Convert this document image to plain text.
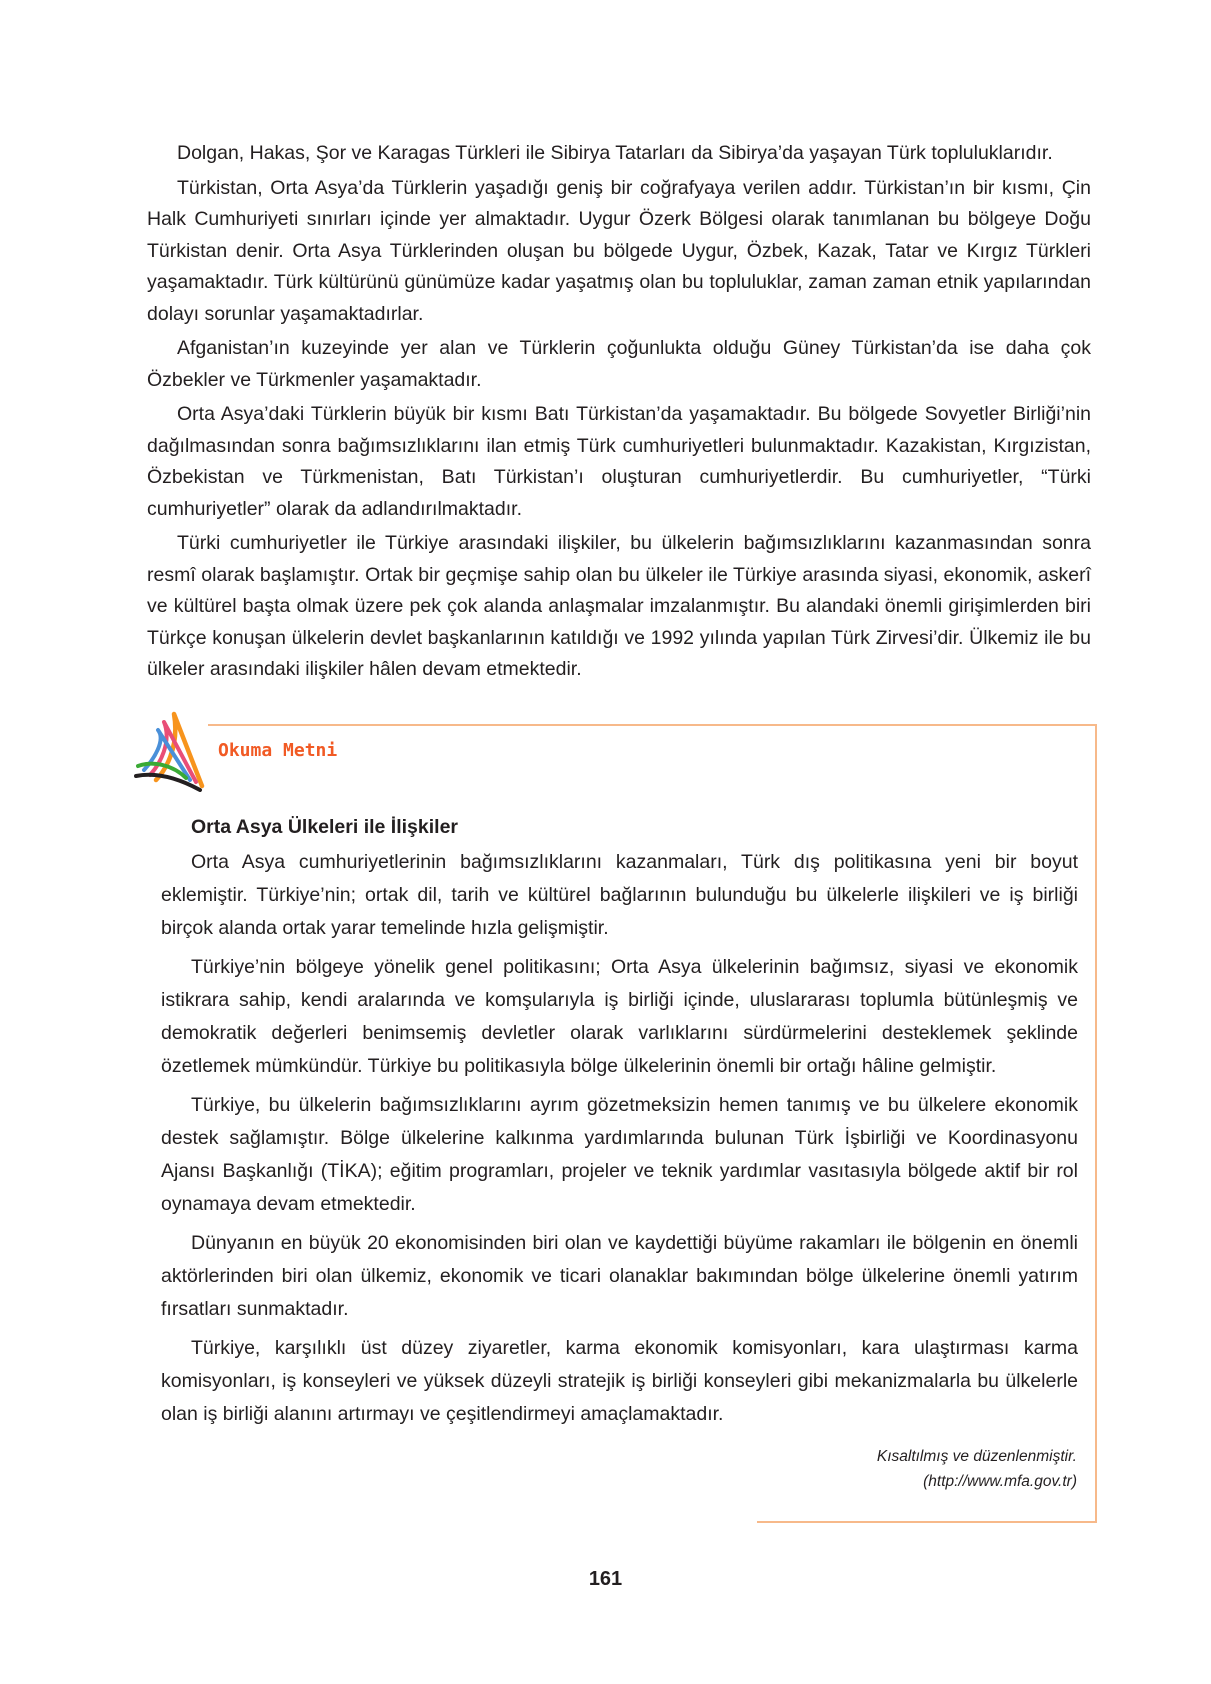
Dolgan, Hakas, Şor ve Karagas Türkleri ile Sibirya Tatarları da Sibirya’da yaşayan Türk topluluklarıdır.

Türkistan, Orta Asya’da Türklerin yaşadığı geniş bir coğrafyaya verilen addır. Türkistan’ın bir kısmı, Çin Halk Cumhuriyeti sınırları içinde yer almaktadır. Uygur Özerk Bölgesi olarak tanımlanan bu bölgeye Doğu Türkistan denir. Orta Asya Türklerinden oluşan bu bölgede Uygur, Özbek, Kazak, Tatar ve Kırgız Türkleri yaşamaktadır. Türk kültürünü günümüze kadar yaşatmış olan bu topluluklar, zaman zaman etnik yapılarından dolayı sorunlar yaşamaktadırlar.

Afganistan’ın kuzeyinde yer alan ve Türklerin çoğunlukta olduğu Güney Türkistan’da ise daha çok Özbekler ve Türkmenler yaşamaktadır.

Orta Asya’daki Türklerin büyük bir kısmı Batı Türkistan’da yaşamaktadır. Bu bölgede Sovyetler Birliği’nin dağılmasından sonra bağımsızlıklarını ilan etmiş Türk cumhuriyetleri bulunmaktadır. Kazakistan, Kırgızistan, Özbekistan ve Türkmenistan, Batı Türkistan’ı oluşturan cumhuriyetlerdir. Bu cumhuriyetler, “Türki cumhuriyetler” olarak da adlandırılmaktadır.

Türki cumhuriyetler ile Türkiye arasındaki ilişkiler, bu ülkelerin bağımsızlıklarını kazanmasından sonra resmî olarak başlamıştır. Ortak bir geçmişe sahip olan bu ülkeler ile Türkiye arasında siyasi, ekonomik, askerî ve kültürel başta olmak üzere pek çok alanda anlaşmalar imzalanmıştır. Bu alandaki önemli girişimlerden biri Türkçe konuşan ülkelerin devlet başkanlarının katıldığı ve 1992 yılında yapılan Türk Zirvesi’dir. Ülkemiz ile bu ülkeler arasındaki ilişkiler hâlen devam etmektedir.

Okuma Metni

Orta Asya Ülkeleri ile İlişkiler

Orta Asya cumhuriyetlerinin bağımsızlıklarını kazanmaları, Türk dış politikasına yeni bir boyut eklemiştir. Türkiye’nin; ortak dil, tarih ve kültürel bağlarının bulunduğu bu ülkelerle ilişkileri ve iş birliği birçok alanda ortak yarar temelinde hızla gelişmiştir.

Türkiye’nin bölgeye yönelik genel politikasını; Orta Asya ülkelerinin bağımsız, siyasi ve ekonomik istikrara sahip, kendi aralarında ve komşularıyla iş birliği içinde, uluslararası toplumla bütünleşmiş ve demokratik değerleri benimsemiş devletler olarak varlıklarını sürdürmelerini desteklemek şeklinde özetlemek mümkündür. Türkiye bu politikasıyla bölge ülkelerinin önemli bir ortağı hâline gelmiştir.

Türkiye, bu ülkelerin bağımsızlıklarını ayrım gözetmeksizin hemen tanımış ve bu ülkelere ekonomik destek sağlamıştır. Bölge ülkelerine kalkınma yardımlarında bulunan Türk İşbirliği ve Koordinasyonu Ajansı Başkanlığı (TİKA); eğitim programları, projeler ve teknik yardımlar vasıtasıyla bölgede aktif bir rol oynamaya devam etmektedir.

Dünyanın en büyük 20 ekonomisinden biri olan ve kaydettiği büyüme rakamları ile bölgenin en önemli aktörlerinden biri olan ülkemiz, ekonomik ve ticari olanaklar bakımından bölge ülkelerine önemli yatırım fırsatları sunmaktadır.

Türkiye, karşılıklı üst düzey ziyaretler, karma ekonomik komisyonları, kara ulaştırması karma komisyonları, iş konseyleri ve yüksek düzeyli stratejik iş birliği konseyleri gibi mekanizmalarla bu ülkelerle olan iş birliği alanını artırmayı ve çeşitlendirmeyi amaçlamaktadır.

Kısaltılmış ve düzenlenmiştir.
(http://www.mfa.gov.tr)
161
